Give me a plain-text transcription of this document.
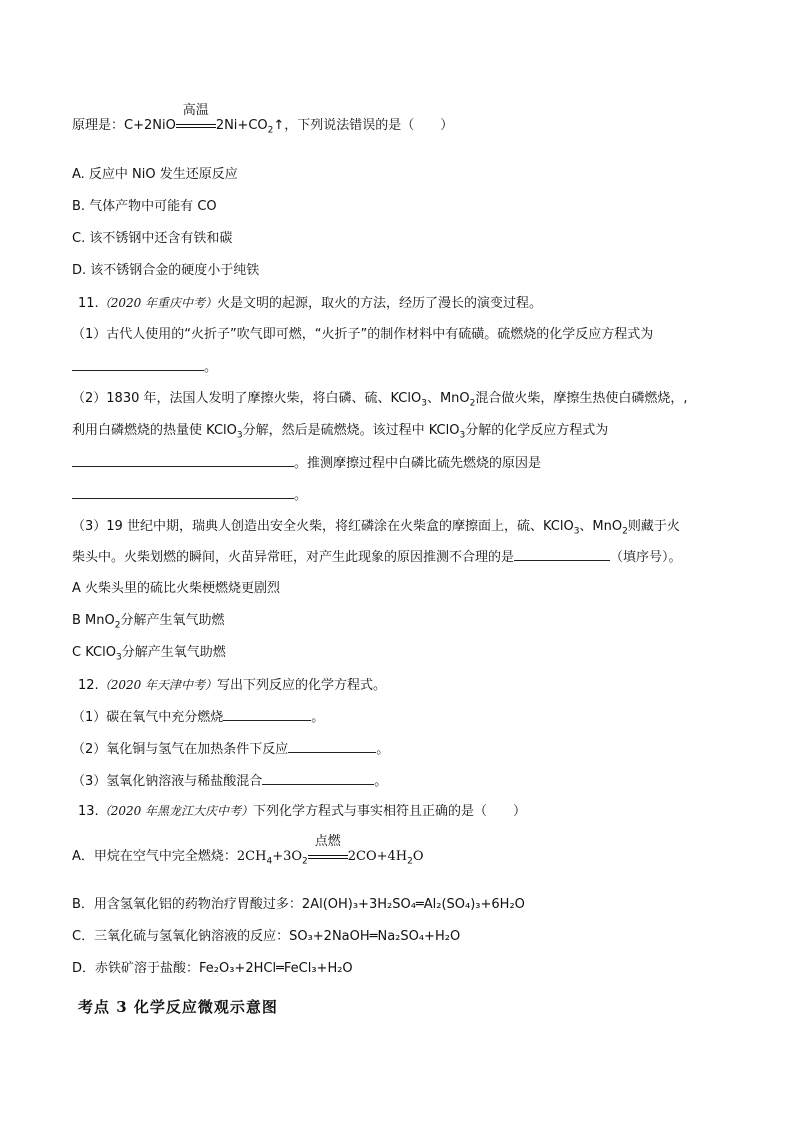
原理是：C+2NiO
高温
$2Ni+CO_2↑$，下列说法错误的是（　　）
A. 反应中 NiO 发生还原反应
B. 气体产物中可能有 CO
C. 该不锈钢中还含有铁和碳
D. 该不锈钢合金的硬度小于纯铁
11.（2020 年重庆中考）火是文明的起源，取火的方法，经历了漫长的演变过程。
（1）古代人使用的“火折子”吹气即可燃，“火折子”的制作材料中有硫磺。硫燃烧的化学反应方程式为
。
（2）1830 年，法国人发明了摩擦火柴，将白磷、硫、KClO$_3$、MnO$_2$混合做火柴，摩擦生热使白磷燃烧，,
利用白磷燃烧的热量使 KClO$_3$分解，然后是硫燃烧。该过程中 KClO$_3$分解的化学反应方程式为
。推测摩擦过程中白磷比硫先燃烧的原因是
。
（3）19 世纪中期，瑞典人创造出安全火柴，将红磷涂在火柴盒的摩擦面上，硫、KClO$_3$、MnO$_2$则藏于火
柴头中。火柴划燃的瞬间，火苗异常旺，对产生此现象的原因推测不合理的是	（填序号）。
A 火柴头里的硫比火柴梗燃烧更剧烈
B MnO$_2$分解产生氧气助燃
C KClO$_3$分解产生氧气助燃
12.（2020 年天津中考）写出下列反应的化学方程式。
（1）碳在氧气中充分燃烧	。
（2）氧化铜与氢气在加热条件下反应	。
（3）氢氧化钠溶液与稀盐酸混合	。
13.（2020 年黑龙江大庆中考）下列化学方程式与事实相符且正确的是（　　）
A．甲烷在空气中完全燃烧：$2CH_4+3O_2$
点燃
$2CO+4H_2O$
B．用含氢氧化铝的药物治疗胃酸过多：2Al(OH)₃+3H₂SO₄═Al₂(SO₄)₃+6H₂O
C．三氧化硫与氢氧化钠溶液的反应：SO₃+2NaOH═Na₂SO₄+H₂O
D．赤铁矿溶于盐酸：Fe₂O₃+2HCl═FeCl₃+H₂O
考点 3 化学反应微观示意图
